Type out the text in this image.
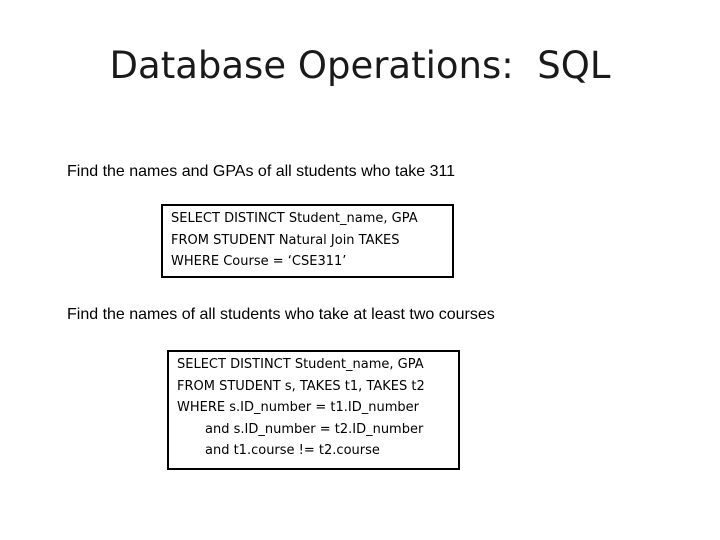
Database Operations:  SQL
Find the names and GPAs of all students who take 311
SELECT DISTINCT Student_name, GPA
FROM STUDENT Natural Join TAKES
WHERE Course = ‘CSE311’
Find the names of all students who take at least two courses
SELECT DISTINCT Student_name, GPA
FROM STUDENT s, TAKES t1, TAKES t2
WHERE s.ID_number = t1.ID_number
and s.ID_number = t2.ID_number
and t1.course != t2.course
